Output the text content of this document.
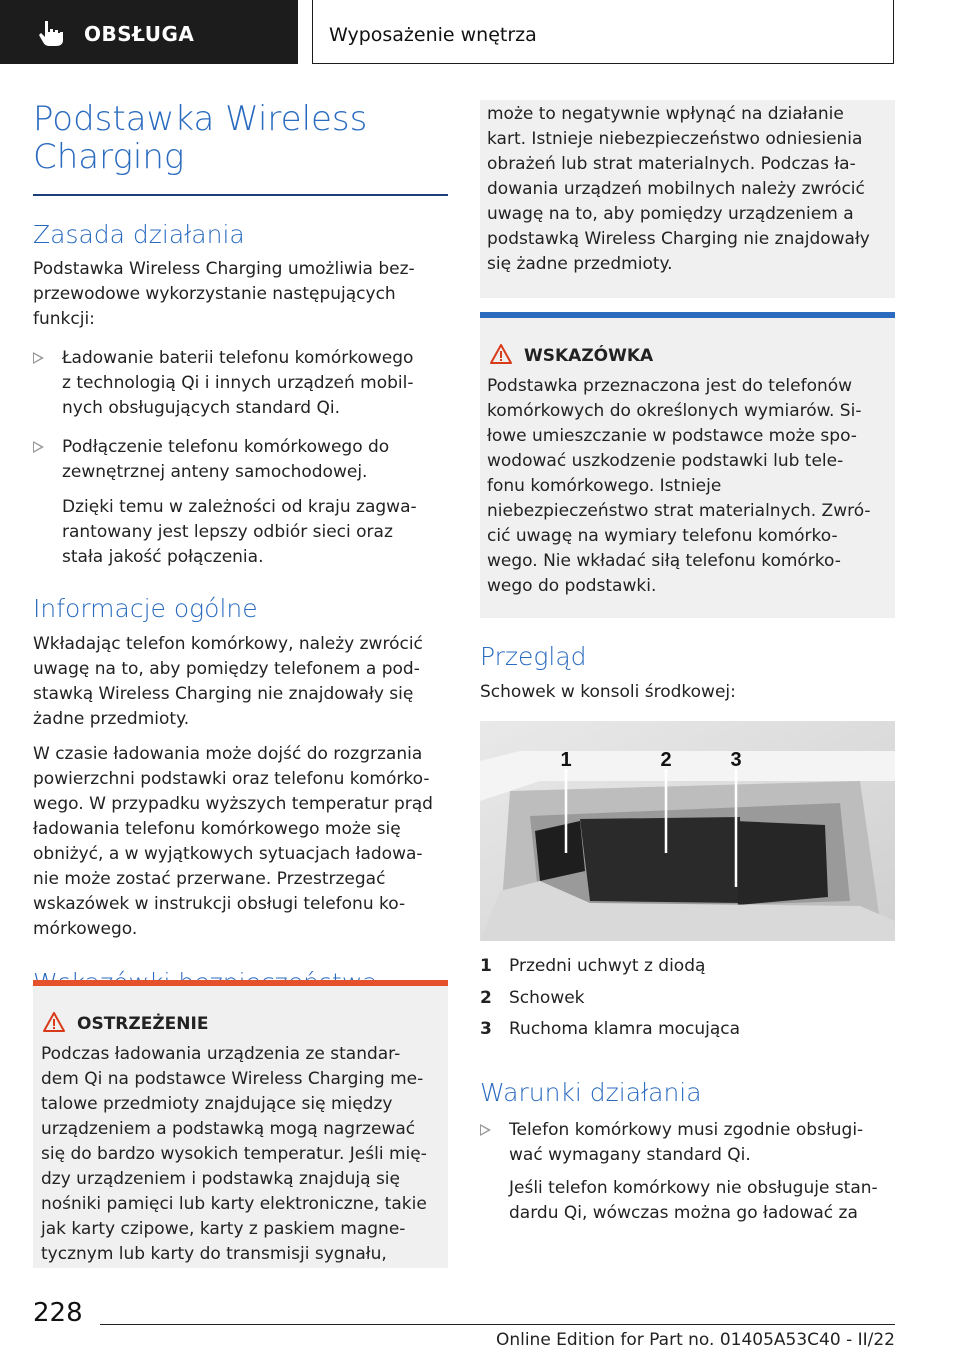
OBSŁUGA	Wyposażenie wnętrza
Podstawka Wireless
Charging
Zasada działania

Podstawka Wireless Charging umożliwia bez-
przewodowe wykorzystanie następujących
funkcji:

Ładowanie baterii telefonu komórkowego
z technologią Qi i innych urządzeń mobil-
nych obsługujących standard Qi.
Podłączenie telefonu komórkowego do
zewnętrznej anteny samochodowej.
Dzięki temu w zależności od kraju zagwa-
rantowany jest lepszy odbiór sieci oraz
stała jakość połączenia.
Informacje ogólne

Wkładając telefon komórkowy, należy zwrócić
uwagę na to, aby pomiędzy telefonem a pod-
stawką Wireless Charging nie znajdowały się
żadne przedmioty.

W czasie ładowania może dojść do rozgrzania
powierzchni podstawki oraz telefonu komórko-
wego. W przypadku wyższych temperatur prąd
ładowania telefonu komórkowego może się
obniżyć, a w wyjątkowych sytuacjach ładowa-
nie może zostać przerwane. Przestrzegać
wskazówek w instrukcji obsługi telefonu ko-
mórkowego.

OSTRZEŻENIE

Podczas ładowania urządzenia ze standar-
dem Qi na podstawce Wireless Charging me-
talowe przedmioty znajdujące się między
urządzeniem a podstawką mogą nagrzewać
się do bardzo wysokich temperatur. Jeśli mię-
dzy urządzeniem i podstawką znajdują się
nośniki pamięci lub karty elektroniczne, takie
jak karty czipowe, karty z paskiem magne-
tycznym lub karty do transmisji sygnału,

może to negatywnie wpłynąć na działanie
kart. Istnieje niebezpieczeństwo odniesienia
obrażeń lub strat materialnych. Podczas ła-
dowania urządzeń mobilnych należy zwrócić
uwagę na to, aby pomiędzy urządzeniem a
podstawką Wireless Charging nie znajdowały
się żadne przedmioty.

WSKAZÓWKA

Podstawka przeznaczona jest do telefonów
komórkowych do określonych wymiarów. Si-
łowe umieszczanie w podstawce może spo-
wodować uszkodzenie podstawki lub tele-
fonu komórkowego. Istnieje
niebezpieczeństwo strat materialnych. Zwró-
cić uwagę na wymiary telefonu komórko-
wego. Nie wkładać siłą telefonu komórko-
wego do podstawki.

Przegląd

Schowek w konsoli środkowej:

1	2	3
1 Przedni uchwyt z diodą
2 Schowek
3 Ruchoma klamra mocująca
Warunki działania
Telefon komórkowy musi zgodnie obsługi-
wać wymagany standard Qi.
Jeśli telefon komórkowy nie obsługuje stan-
dardu Qi, wówczas można go ładować za
228
Online Edition for Part no. 01405A53C40 - II/22
